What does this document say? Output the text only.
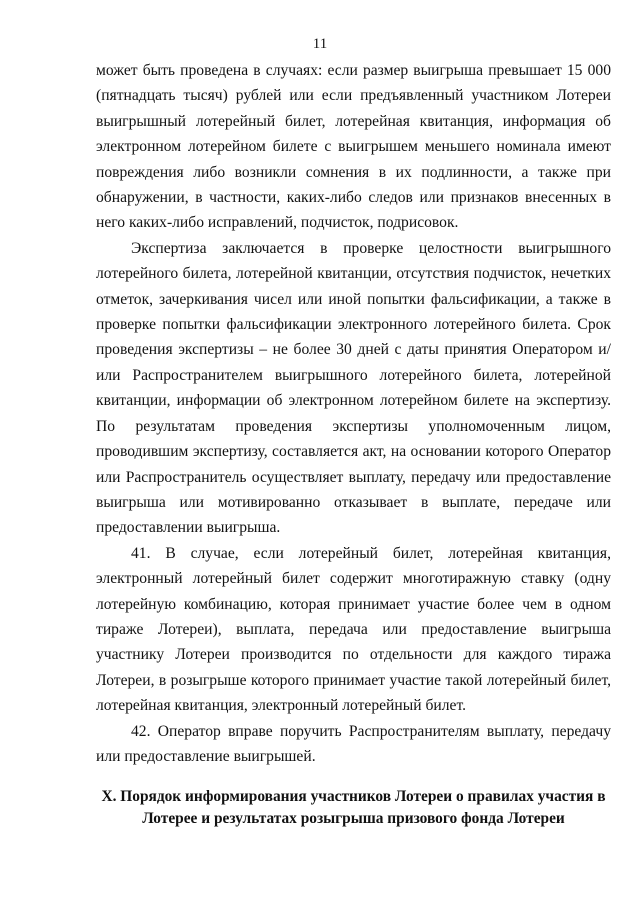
11

может быть проведена в случаях: если размер выигрыша превышает 15 000 (пятнадцать тысяч) рублей или если предъявленный участником Лотереи выигрышный лотерейный билет, лотерейная квитанция, информация об электронном лотерейном билете с выигрышем меньшего номинала имеют повреждения либо возникли сомнения в их подлинности, а также при обнаружении, в частности, каких-либо следов или признаков внесенных в него каких-либо исправлений, подчисток, подрисовок.

Экспертиза заключается в проверке целостности выигрышного лотерейного билета, лотерейной квитанции, отсутствия подчисток, нечетких отметок, зачеркивания чисел или иной попытки фальсификации, а также в проверке попытки фальсификации электронного лотерейного билета. Срок проведения экспертизы – не более 30 дней с даты принятия Оператором и/или Распространителем выигрышного лотерейного билета, лотерейной квитанции, информации об электронном лотерейном билете на экспертизу. По результатам проведения экспертизы уполномоченным лицом, проводившим экспертизу, составляется акт, на основании которого Оператор или Распространитель осуществляет выплату, передачу или предоставление выигрыша или мотивированно отказывает в выплате, передаче или предоставлении выигрыша.

41. В случае, если лотерейный билет, лотерейная квитанция, электронный лотерейный билет содержит многотиражную ставку (одну лотерейную комбинацию, которая принимает участие более чем в одном тираже Лотереи), выплата, передача или предоставление выигрыша участнику Лотереи производится по отдельности для каждого тиража Лотереи, в розыгрыше которого принимает участие такой лотерейный билет, лотерейная квитанция, электронный лотерейный билет.

42. Оператор вправе поручить Распространителям выплату, передачу или предоставление выигрышей.

X. Порядок информирования участников Лотереи о правилах участия в Лотерее и результатах розыгрыша призового фонда Лотереи
